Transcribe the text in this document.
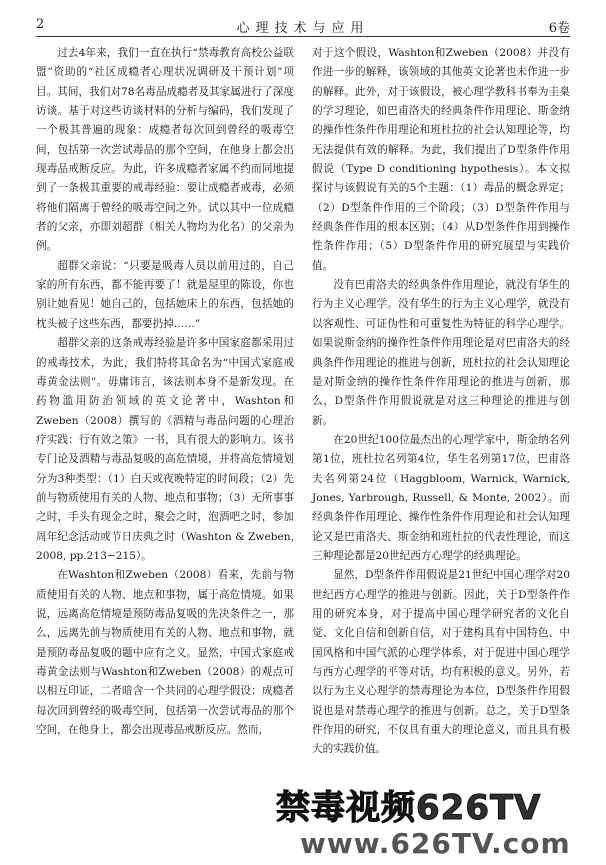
2	心理技术与应用	6卷

过去4年来，我们一直在执行“禁毒教育高校公益联盟”资助的“社区成瘾者心理状况调研及干预计划”项目。其间，我们对78名毒品成瘾者及其家属进行了深度访谈。基于对这些访谈材料的分析与编码，我们发现了一个极其普遍的现象：成瘾者每次回到曾经的吸毒空间，包括第一次尝试毒品的那个空间，在他身上都会出现毒品戒断反应。为此，许多成瘾者家属不约而同地提到了一条极其重要的戒毒经验：要让成瘾者戒毒，必须将他们隔离于曾经的吸毒空间之外。试以其中一位成瘾者的父亲，亦即刘超群（相关人物均为化名）的父亲为例。

超群父亲说：“只要是吸毒人员以前用过的，自己家的所有东西，都不能再要了！就是屋里的陈设，你也别让她看见！她自己的，包括她床上的东西，包括她的枕头被子这些东西，都要扔掉……”

超群父亲的这条戒毒经验是许多中国家庭都采用过的戒毒技术，为此，我们特将其命名为“中国式家庭戒毒黄金法则”。毋庸讳言，该法则本身不是新发现。在药物滥用防治领域的英文论著中，Washton和Zweben（2008）撰写的《酒精与毒品问题的心理治疗实践：行有效之策》一书，具有很大的影响力。该书专门论及酒精与毒品复吸的高危情境，并将高危情境划分为3种类型：（1）白天或夜晚特定的时间段；（2）先前与物质使用有关的人物、地点和事物；（3）无所事事之时，手头有现金之时，聚会之时，泡酒吧之时，参加周年纪念活动或节日庆典之时（Washton & Zweben, 2008, pp.213−215）。

在Washton和Zweben（2008）看来，先前与物质使用有关的人物、地点和事物，属于高危情境。如果说，远离高危情境是预防毒品复吸的先决条件之一，那么，远离先前与物质使用有关的人物、地点和事物，就是预防毒品复吸的题中应有之义。显然，中国式家庭戒毒黄金法则与Washton和Zweben（2008）的观点可以相互印证，二者暗含一个共同的心理学假设：成瘾者每次回到曾经的吸毒空间，包括第一次尝试毒品的那个空间，在他身上，都会出现毒品戒断反应。然而，

对于这个假设，Washton和Zweben（2008）并没有作进一步的解释，该领域的其他英文论著也未作进一步的解释。此外，对于该假设，被心理学教科书奉为圭臬的学习理论，如巴甫洛夫的经典条件作用理论、斯金纳的操作性条件作用理论和班杜拉的社会认知理论等，均无法提供有效的解释。为此，我们提出了D型条件作用假说（Type D conditioning hypothesis）。本文拟探讨与该假说有关的5个主题：（1）毒品的概念界定；（2）D型条件作用的三个阶段；（3）D型条件作用与经典条件作用的根本区别；（4）从D型条件作用到操作性条件作用；（5）D型条件作用的研究展望与实践价值。

没有巴甫洛夫的经典条件作用理论，就没有华生的行为主义心理学。没有华生的行为主义心理学，就没有以客观性、可证伪性和可重复性为特征的科学心理学。如果说斯金纳的操作性条件作用理论是对巴甫洛夫的经典条件作用理论的推进与创新，班杜拉的社会认知理论是对斯金纳的操作性条件作用理论的推进与创新，那么，D型条件作用假说就是对这三种理论的推进与创新。

在20世纪100位最杰出的心理学家中，斯金纳名列第1位，班杜拉名列第4位，华生名列第17位，巴甫洛夫名列第24位（Haggbloom, Warnick, Warnick, Jones, Yarbrough, Russell, & Monte, 2002）。而经典条件作用理论、操作性条件作用理论和社会认知理论又是巴甫洛夫、斯金纳和班杜拉的代表性理论，而这三种理论都是20世纪西方心理学的经典理论。

显然，D型条件作用假说是21世纪中国心理学对20世纪西方心理学的推进与创新。因此，关于D型条件作用的研究本身，对于提高中国心理学研究者的文化自觉、文化自信和创新自信，对于建构具有中国特色、中国风格和中国气派的心理学体系，对于促进中国心理学与西方心理学的平等对话，均有积极的意义。另外，若以行为主义心理学的禁毒理论为本位，D型条件作用假说也是对禁毒心理学的推进与创新。总之，关于D型条件作用的研究，不仅具有重大的理论意义，而且具有极大的实践价值。

禁毒视频626TV
www.626TV.com
